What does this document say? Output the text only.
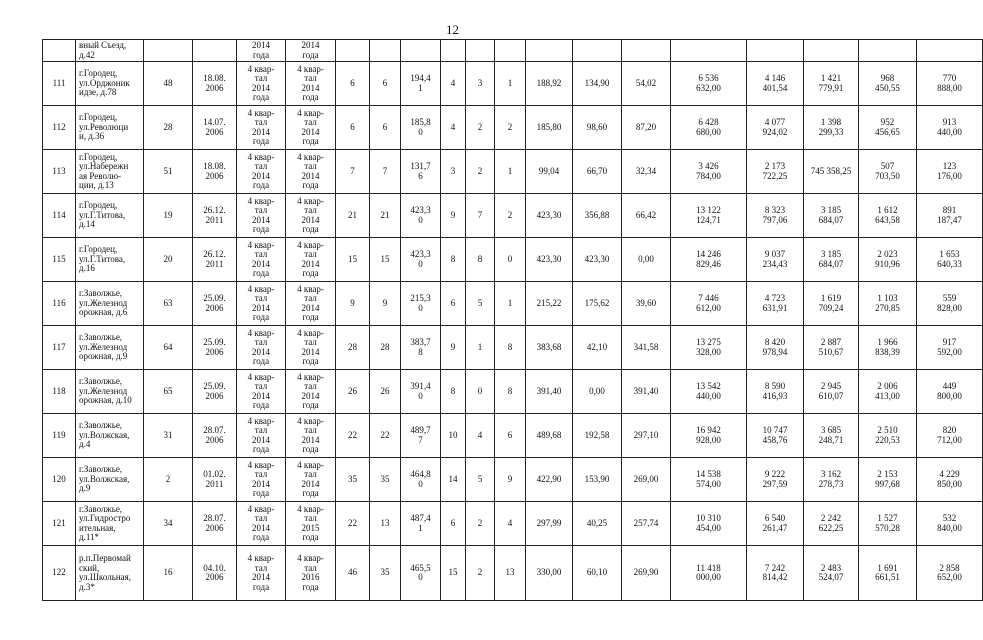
12
	вный Съезд,
д.42			2014
года	2014
года														
111	г.Городец,
ул.Орджоник
идзе, д.78	48	18.08.
2006	4 квар-
тал
2014
года	4 квар-
тал
2014
года	6	6	194,4
1	4	3	1	188,92	134,90	54,02	6 536
632,00	4 146
401,54	1 421
779,91	968
450,55	770
888,00
112	г.Городец,
ул.Революци
и, д.36	28	14.07.
2006	4 квар-
тал
2014
года	4 квар-
тал
2014
года	6	6	185,8
0	4	2	2	185,80	98,60	87,20	6 428
680,00	4 077
924,02	1 398
299,33	952
456,65	913
440,00
113	г.Городец,
ул.Набережн
ая Револю-
ции, д.13	51	18.08.
2006	4 квар-
тал
2014
года	4 квар-
тал
2014
года	7	7	131,7
6	3	2	1	99,04	66,70	32,34	3 426
784,00	2 173
722,25	745 358,25	507
703,50	123
176,00
114	г.Городец,
ул.Г.Титова,
д.14	19	26.12.
2011	4 квар-
тал
2014
года	4 квар-
тал
2014
года	21	21	423,3
0	9	7	2	423,30	356,88	66,42	13 122
124,71	8 323
797,06	3 185
684,07	1 612
643,58	891
187,47
115	г.Городец,
ул.Г.Титова,
д.16	20	26.12.
2011	4 квар-
тал
2014
года	4 квар-
тал
2014
года	15	15	423,3
0	8	8	0	423,30	423,30	0,00	14 246
829,46	9 037
234,43	3 185
684,07	2 023
910,96	1 653
640,33
116	г.Заволжье,
ул.Железнод
орожная, д.6	63	25.09.
2006	4 квар-
тал
2014
года	4 квар-
тал
2014
года	9	9	215,3
0	6	5	1	215,22	175,62	39,60	7 446
612,00	4 723
631,91	1 619
709,24	1 103
270,85	559
828,00
117	г.Заволжье,
ул.Железнод
орожная, д.9	64	25.09.
2006	4 квар-
тал
2014
года	4 квар-
тал
2014
года	28	28	383,7
8	9	1	8	383,68	42,10	341,58	13 275
328,00	8 420
978,94	2 887
510,67	1 966
838,39	917
592,00
118	г.Заволжье,
ул.Железнод
орожная, д.10	65	25.09.
2006	4 квар-
тал
2014
года	4 квар-
тал
2014
года	26	26	391,4
0	8	0	8	391,40	0,00	391,40	13 542
440,00	8 590
416,93	2 945
610,07	2 006
413,00	449
800,00
119	г.Заволжье,
ул.Волжская,
д.4	31	28.07.
2006	4 квар-
тал
2014
года	4 квар-
тал
2014
года	22	22	489,7
7	10	4	6	489,68	192,58	297,10	16 942
928,00	10 747
458,76	3 685
248,71	2 510
220,53	820
712,00
120	г.Заволжье,
ул.Волжская,
д.9	2	01.02.
2011	4 квар-
тал
2014
года	4 квар-
тал
2014
года	35	35	464,8
0	14	5	9	422,90	153,90	269,00	14 538
574,00	9 222
297,59	3 162
278,73	2 153
997,68	4 229
850,00
121	г.Заволжье,
ул.Гидростро
ительная,
д.11*	34	28.07.
2006	4 квар-
тал
2014
года	4 квар-
тал
2015
года	22	13	487,4
1	6	2	4	297,99	40,25	257,74	10 310
454,00	6 540
261,47	2 242
622,25	1 527
570,28	532
840,00
122	р.п.Первомай
ский,
ул.Школьная,
д.3*	16	04.10.
2006	4 квар-
тал
2014
года	4 квар-
тал
2016
года	46	35	465,5
0	15	2	13	330,00	60,10	269,90	11 418
000,00	7 242
814,42	2 483
524,07	1 691
661,51	2 858
652,00
